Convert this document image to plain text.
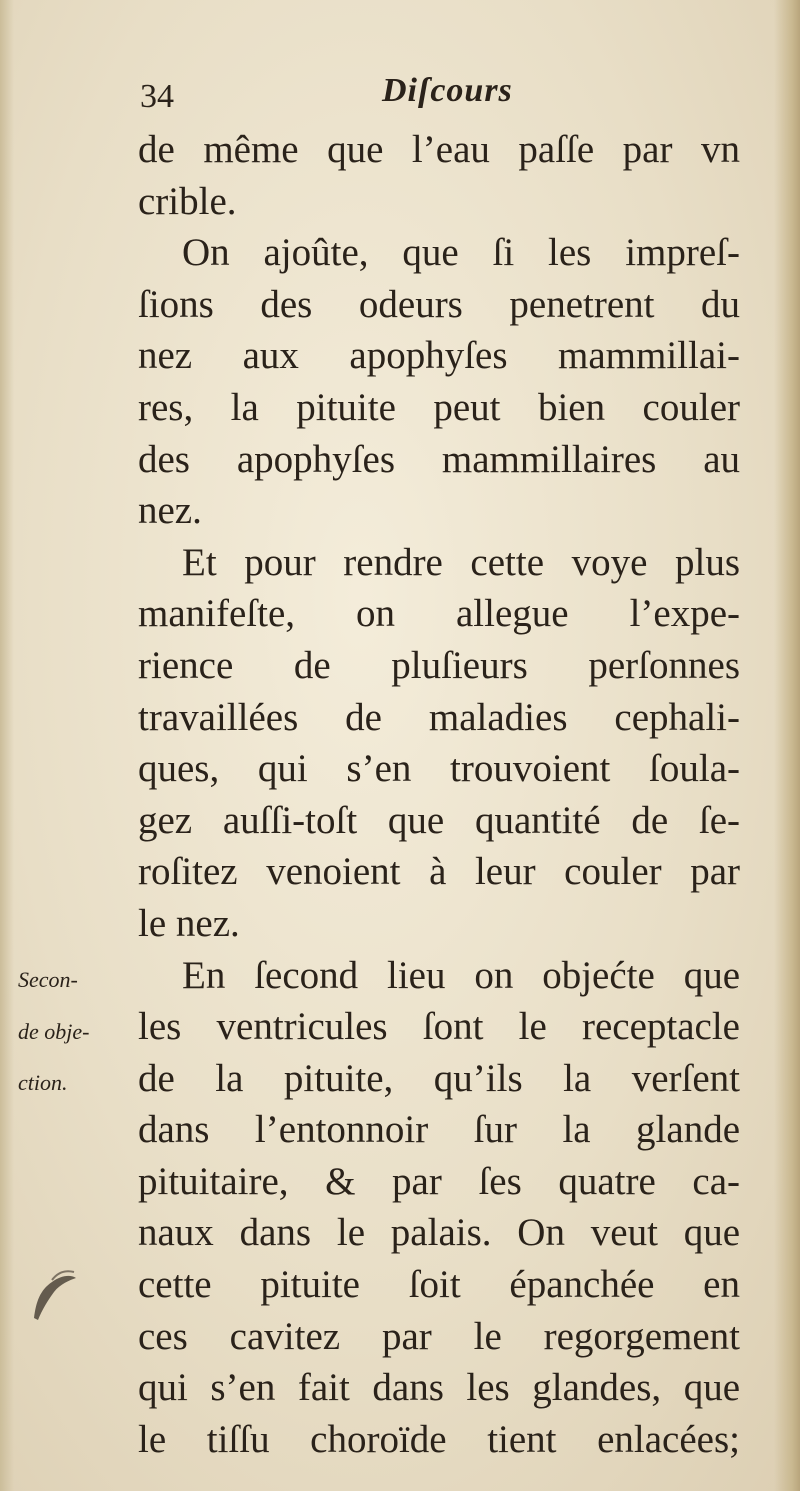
34	Diſcours
de même que l’eau paſſe par vn
crible.
On ajoûte, que ſi les impreſ-
ſions des odeurs penetrent du
nez aux apophyſes mammillai-
res, la pituite peut bien couler
des apophyſes mammillaires au
nez.
Et pour rendre cette voye plus
manifeſte, on allegue l’expe-
rience de pluſieurs perſonnes
travaillées de maladies cephali-
ques, qui s’en trouvoient ſoula-
gez auſſi-toſt que quantité de ſe-
roſitez venoient à leur couler par
le nez.
En ſecond lieu on objećte que
les ventricules ſont le receptacle
de la pituite, qu’ils la verſent
dans l’entonnoir ſur la glande
pituitaire, & par ſes quatre ca-
naux dans le palais. On veut que
cette pituite ſoit épanchée en
ces cavitez par le regorgement
qui s’en fait dans les glandes, que
le tiſſu choroïde tient enlacées;
Secon-
de obje-
ction.
